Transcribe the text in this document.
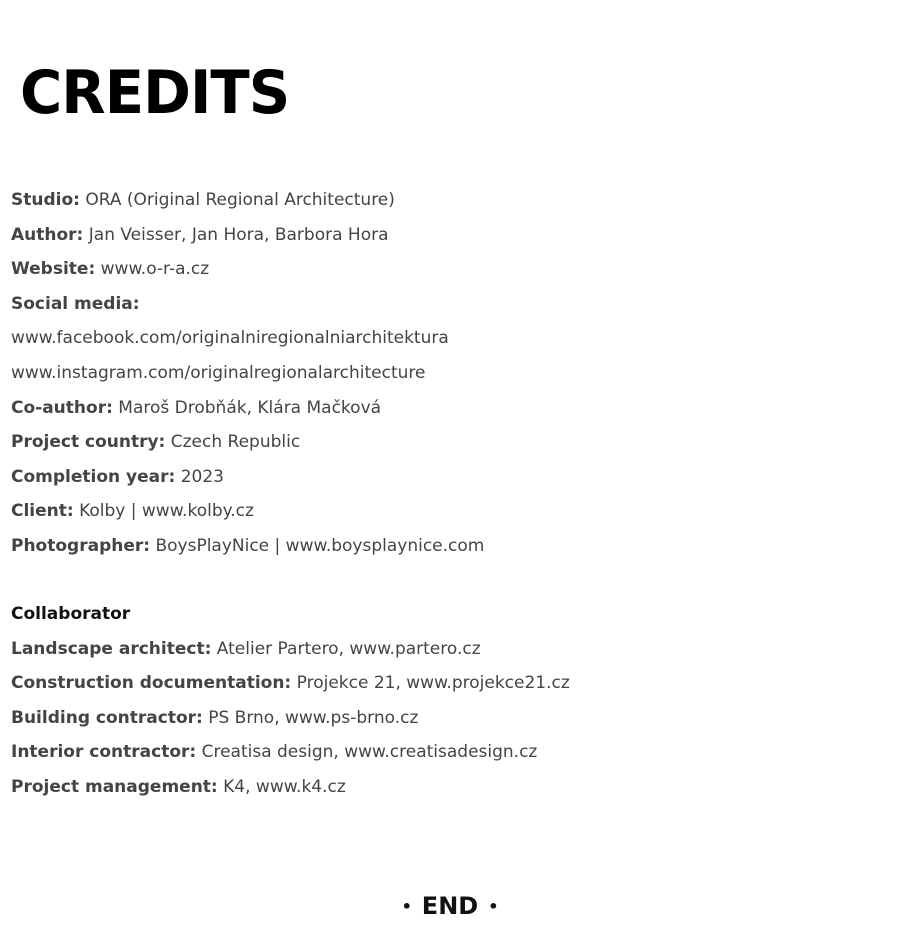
CREDITS
Studio: ORA (Original Regional Architecture)
Author: Jan Veisser, Jan Hora, Barbora Hora
Website: www.o-r-a.cz
Social media:
www.facebook.com/originalniregionalniarchitektura
www.instagram.com/originalregionalarchitecture
Co-author: Maroš Drobňák, Klára Mačková
Project country: Czech Republic
Completion year: 2023
Client: Kolby | www.kolby.cz
Photographer: BoysPlayNice | www.boysplaynice.com
Collaborator
Landscape architect: Atelier Partero, www.partero.cz
Construction documentation: Projekce 21, www.projekce21.cz
Building contractor: PS Brno, www.ps-brno.cz
Interior contractor: Creatisa design, www.creatisadesign.cz
Project management: K4, www.k4.cz
• END •
